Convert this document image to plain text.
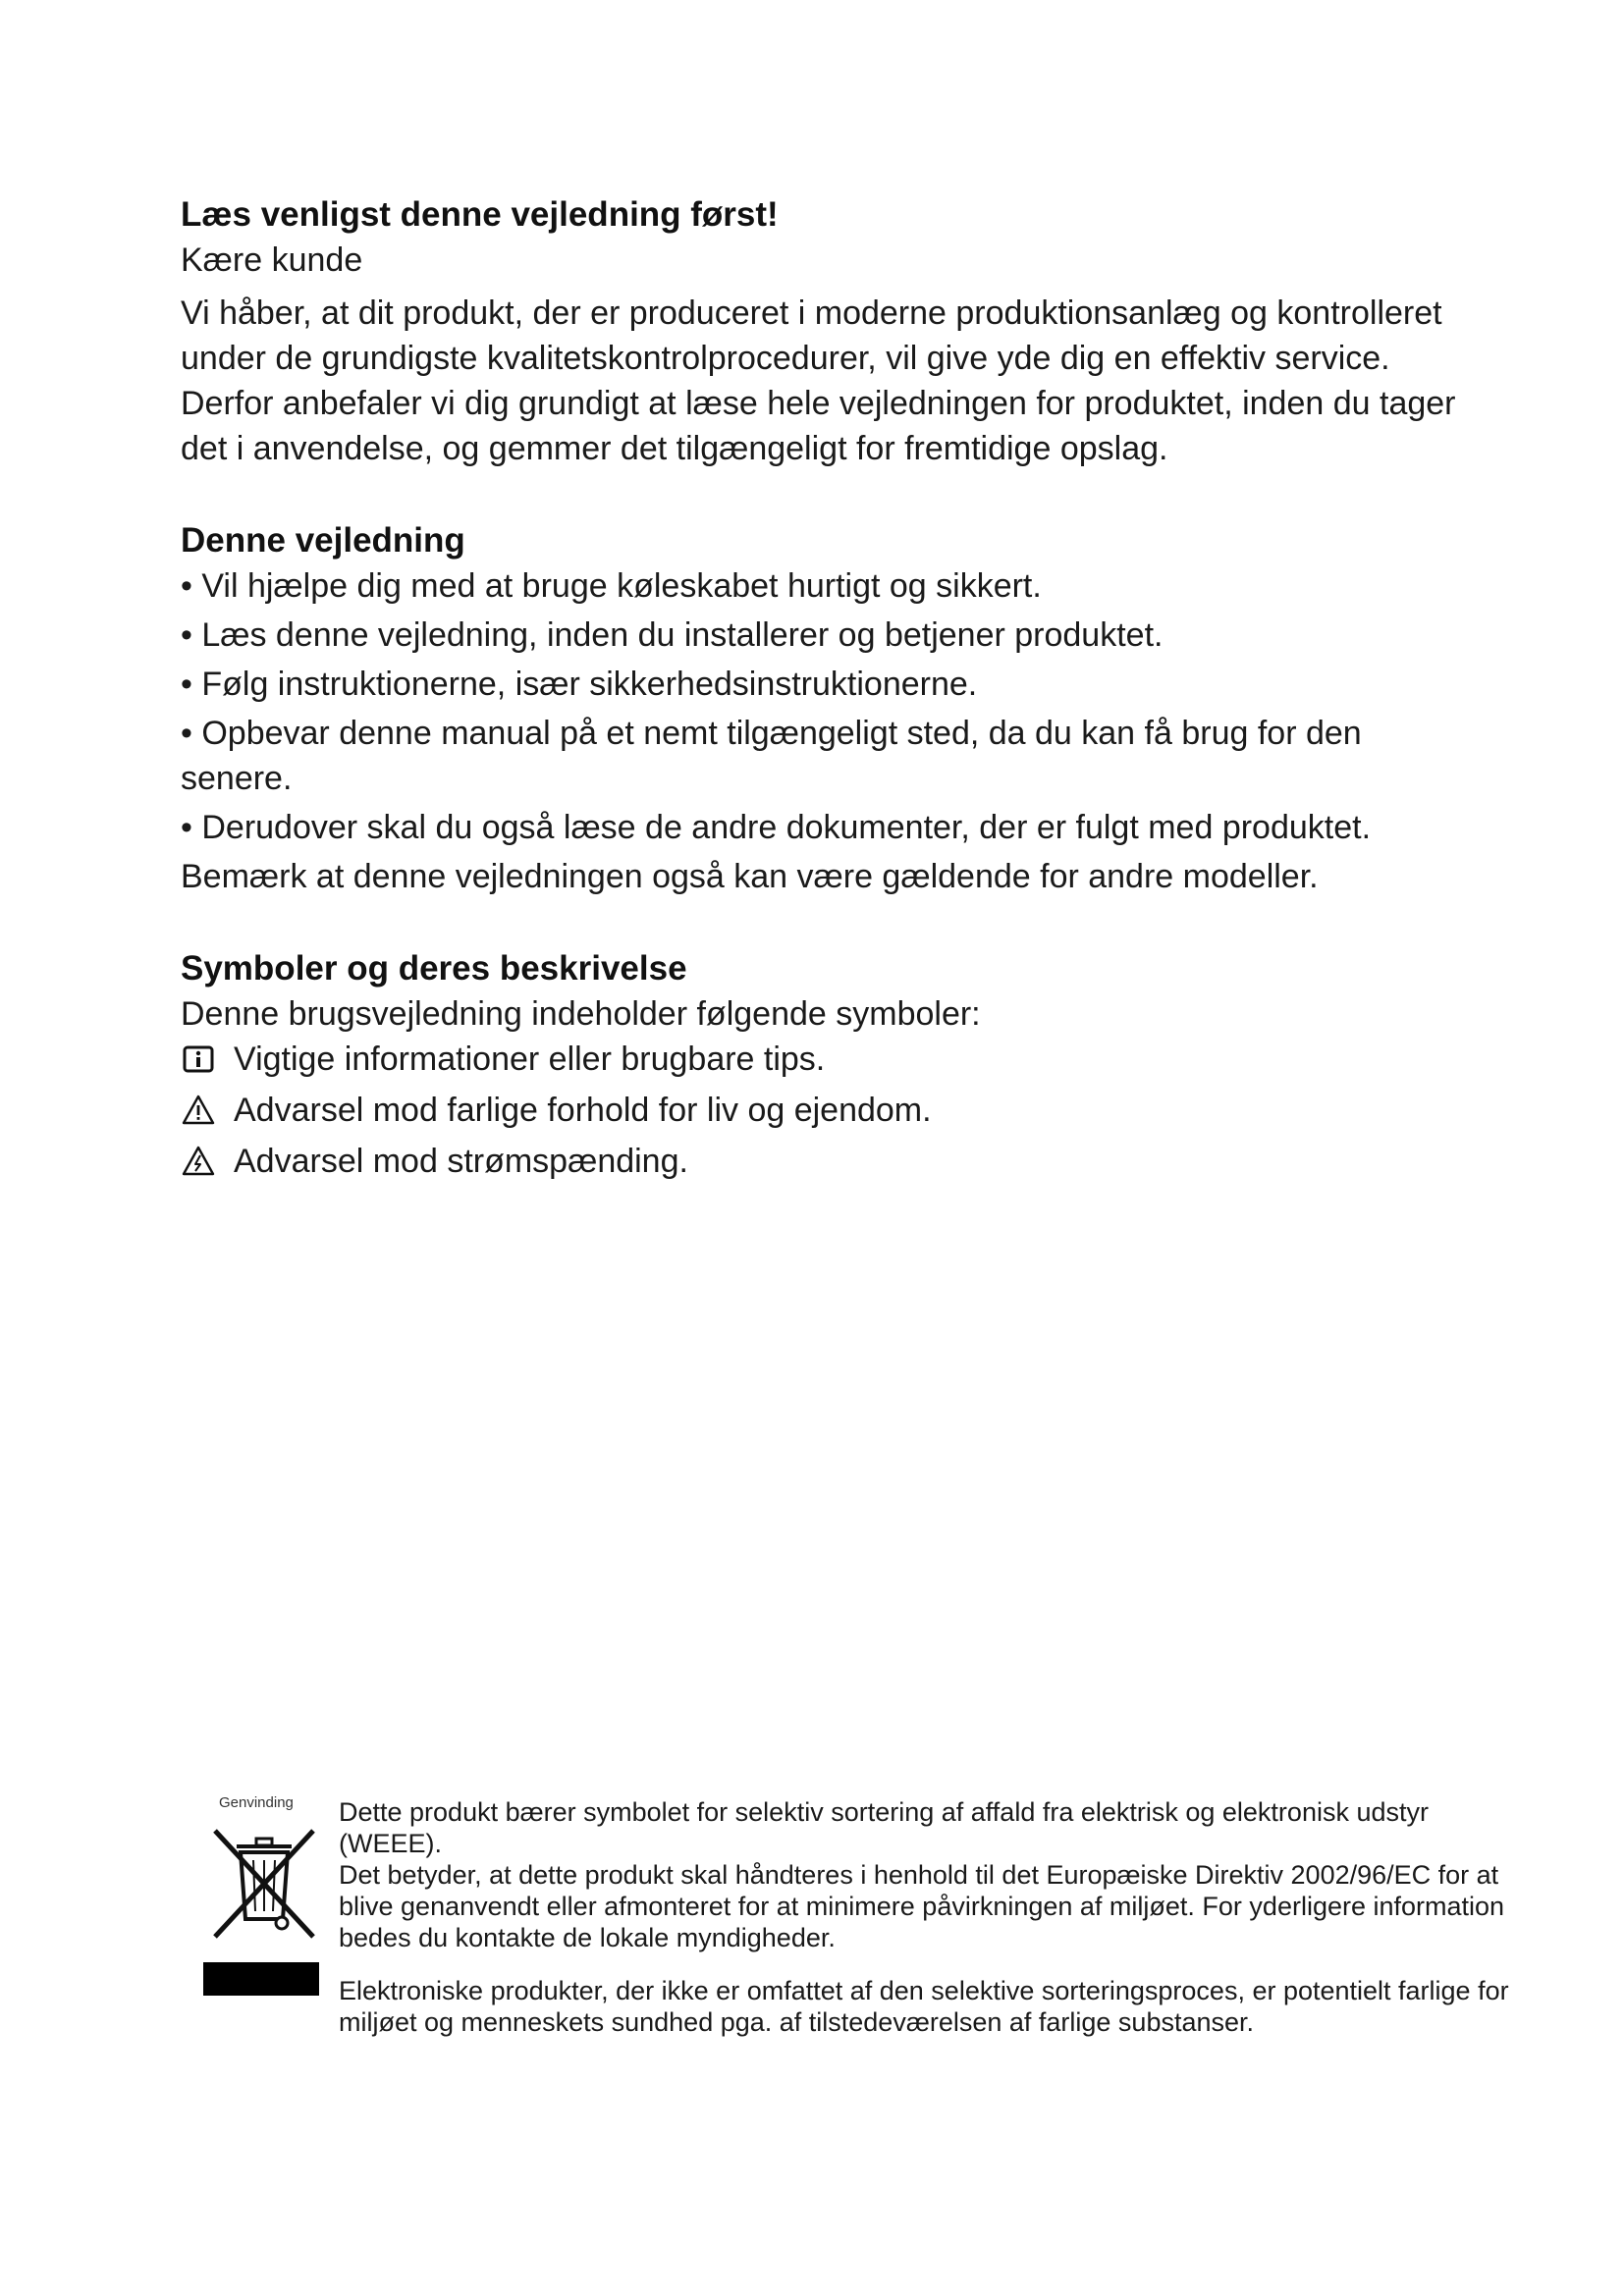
Læs venligst denne vejledning først!

Kære kunde

Vi håber, at dit produkt, der er produceret i moderne produktionsanlæg og kontrolleret under de grundigste kvalitetskontrolprocedurer, vil give yde dig en effektiv service.

Derfor anbefaler vi dig grundigt at læse hele vejledningen for produktet, inden du tager det i anvendelse, og gemmer det tilgængeligt for fremtidige opslag.

Denne vejledning

• Vil hjælpe dig med at bruge køleskabet hurtigt og sikkert.

• Læs denne vejledning, inden du installerer og betjener produktet.

• Følg instruktionerne, især sikkerhedsinstruktionerne.

• Opbevar denne manual på et nemt tilgængeligt sted, da du kan få brug for den senere.

• Derudover skal du også læse de andre dokumenter, der er fulgt med produktet.

Bemærk at denne vejledningen også kan være gældende for andre modeller.

Symboler og deres beskrivelse

Denne brugsvejledning indeholder følgende symboler:

Vigtige informationer eller brugbare tips.
Advarsel mod farlige forhold for liv og ejendom.
Advarsel mod strømspænding.
Genvinding	Dette produkt bærer symbolet for selektiv sortering af affald fra elektrisk og elektronisk udstyr (WEEE).

Det betyder, at dette produkt skal håndteres i henhold til det Europæiske Direktiv 2002/96/EC for at blive genanvendt eller afmonteret for at minimere påvirkningen af miljøet. For yderligere information bedes du kontakte de lokale myndigheder.

Elektroniske produkter, der ikke er omfattet af den selektive sorteringsproces, er potentielt farlige for miljøet og menneskets sundhed pga. af tilstedeværelsen af farlige substanser.
